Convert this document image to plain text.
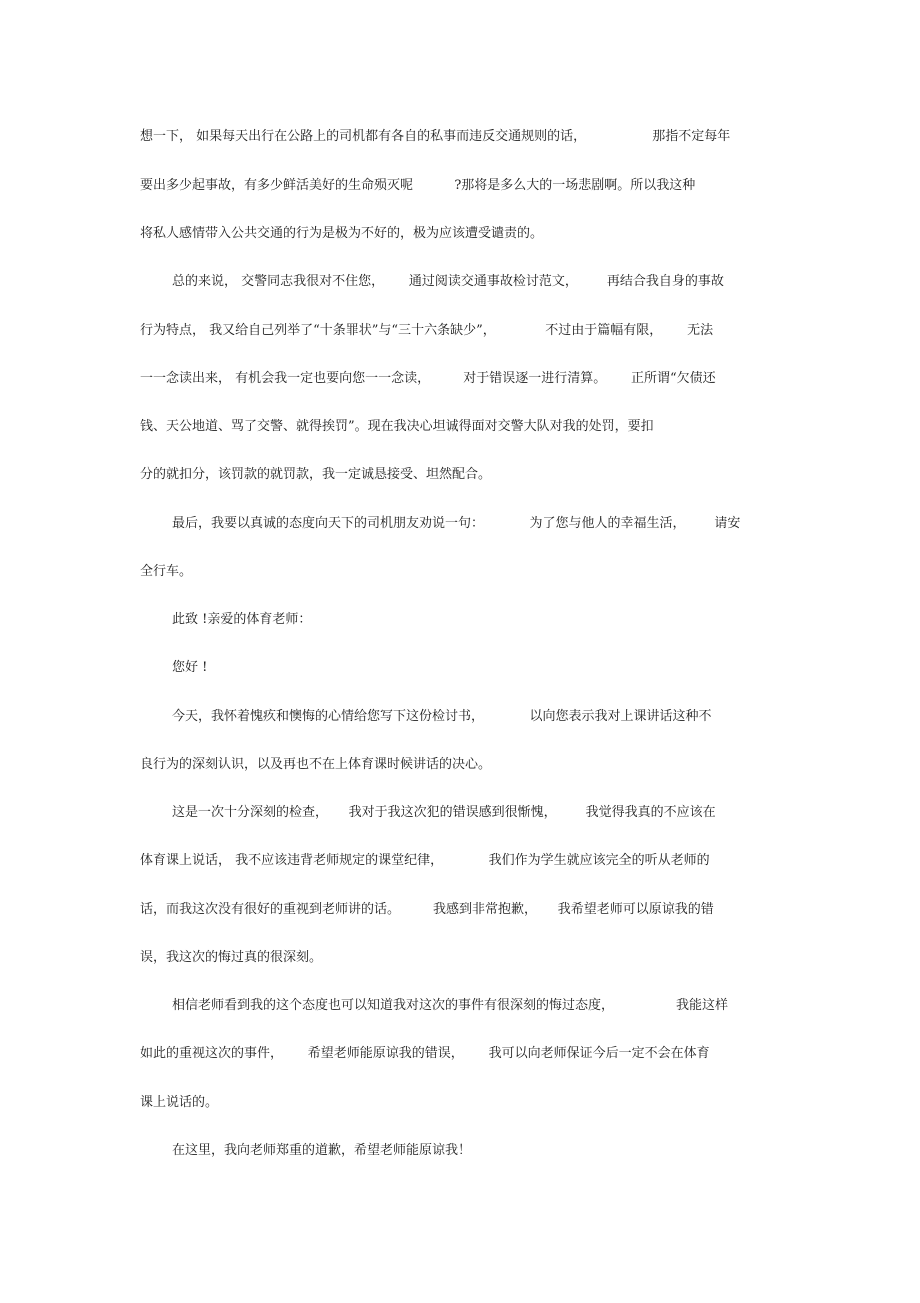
想一下， 如果每天出行在公路上的司机都有各自的私事而违反交通规则的话，                那指不定每年
要出多少起事故，有多少鲜活美好的生命殒灭呢          ?那将是多么大的一场悲剧啊。所以我这种
将私人感情带入公共交通的行为是极为不好的，极为应该遭受谴责的。
总的来说， 交警同志我很对不住您，      通过阅读交通事故检讨范文，       再结合我自身的事故
行为特点， 我又给自己列举了“十条罪状”与“三十六条缺少”，            不过由于篇幅有限，      无法
一一念读出来， 有机会我一定也要向您一一念读，        对于错误逐一进行清算。      正所谓“欠债还
钱、天公地道、骂了交警、就得挨罚”。现在我决心坦诚得面对交警大队对我的处罚，要扣
分的就扣分，该罚款的就罚款，我一定诚恳接受、坦然配合。
最后，我要以真诚的态度向天下的司机朋友劝说一句：           为了您与他人的幸福生活，       请安
全行车。
此致 !亲爱的体育老师：
您好 !
今天，我怀着愧疚和懊悔的心情给您写下这份检讨书，           以向您表示我对上课讲话这种不
良行为的深刻认识，以及再也不在上体育课时候讲话的决心。
这是一次十分深刻的检查，     我对于我这次犯的错误感到很惭愧，       我觉得我真的不应该在
体育课上说话， 我不应该违背老师规定的课堂纪律，           我们作为学生就应该完全的听从老师的
话，而我这次没有很好的重视到老师讲的话。        我感到非常抱歉，     我希望老师可以原谅我的错
误，我这次的悔过真的很深刻。
相信老师看到我的这个态度也可以知道我对这次的事件有很深刻的悔过态度，               我能这样
如此的重视这次的事件，      希望老师能原谅我的错误，      我可以向老师保证今后一定不会在体育
课上说话的。
在这里，我向老师郑重的道歉，希望老师能原谅我！
